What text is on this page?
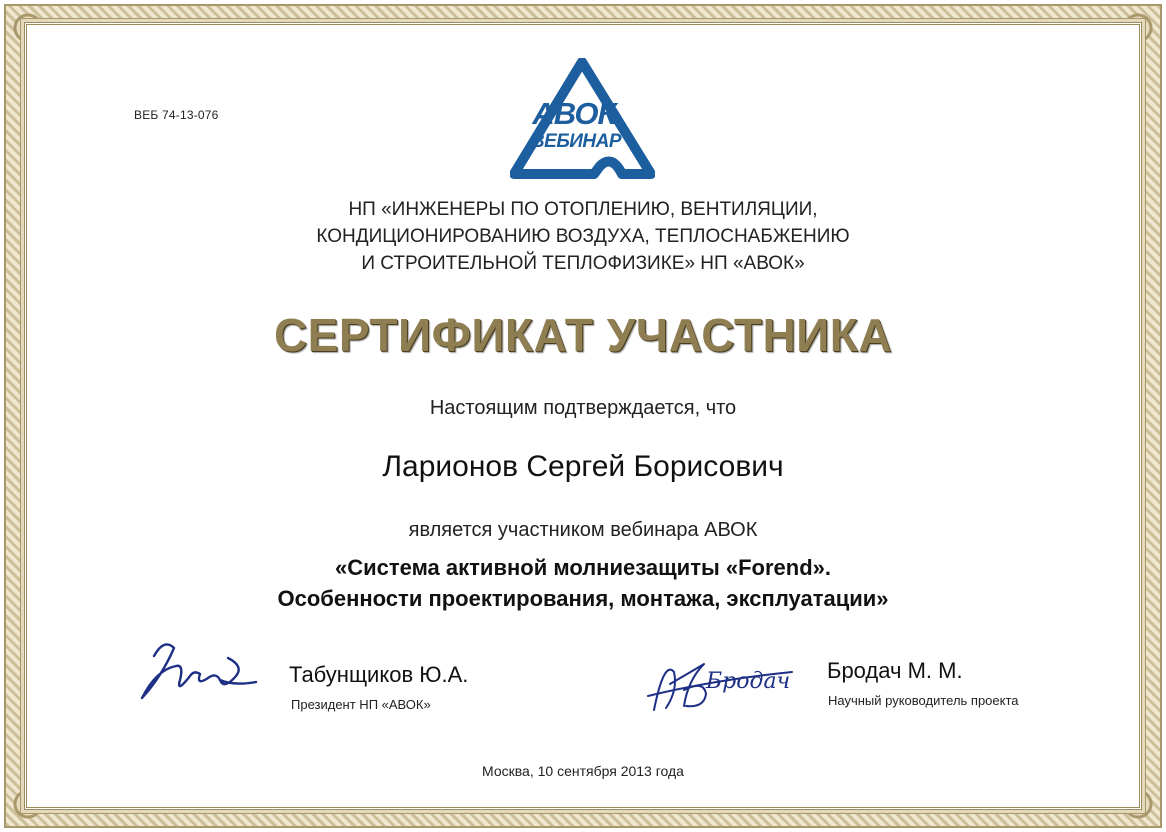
ВЕБ 74-13-076	АВОК
ВЕБИНАР
НП «ИНЖЕНЕРЫ ПО ОТОПЛЕНИЮ, ВЕНТИЛЯЦИИ,
КОНДИЦИОНИРОВАНИЮ ВОЗДУХА, ТЕПЛОСНАБЖЕНИЮ
И СТРОИТЕЛЬНОЙ ТЕПЛОФИЗИКЕ» НП «АВОК»
СЕРТИФИКАТ УЧАСТНИКА
Настоящим подтверждается, что
Ларионов Сергей Борисович
является участником вебинара АВОК
«Система активной молниезащиты «Forend».
Особенности проектирования, монтажа, эксплуатации»
Бродач
Табунщиков Ю.А.
Президент НП «АВОК»
Бродач М. М.
Научный руководитель проекта
Москва, 10 сентября 2013 года
